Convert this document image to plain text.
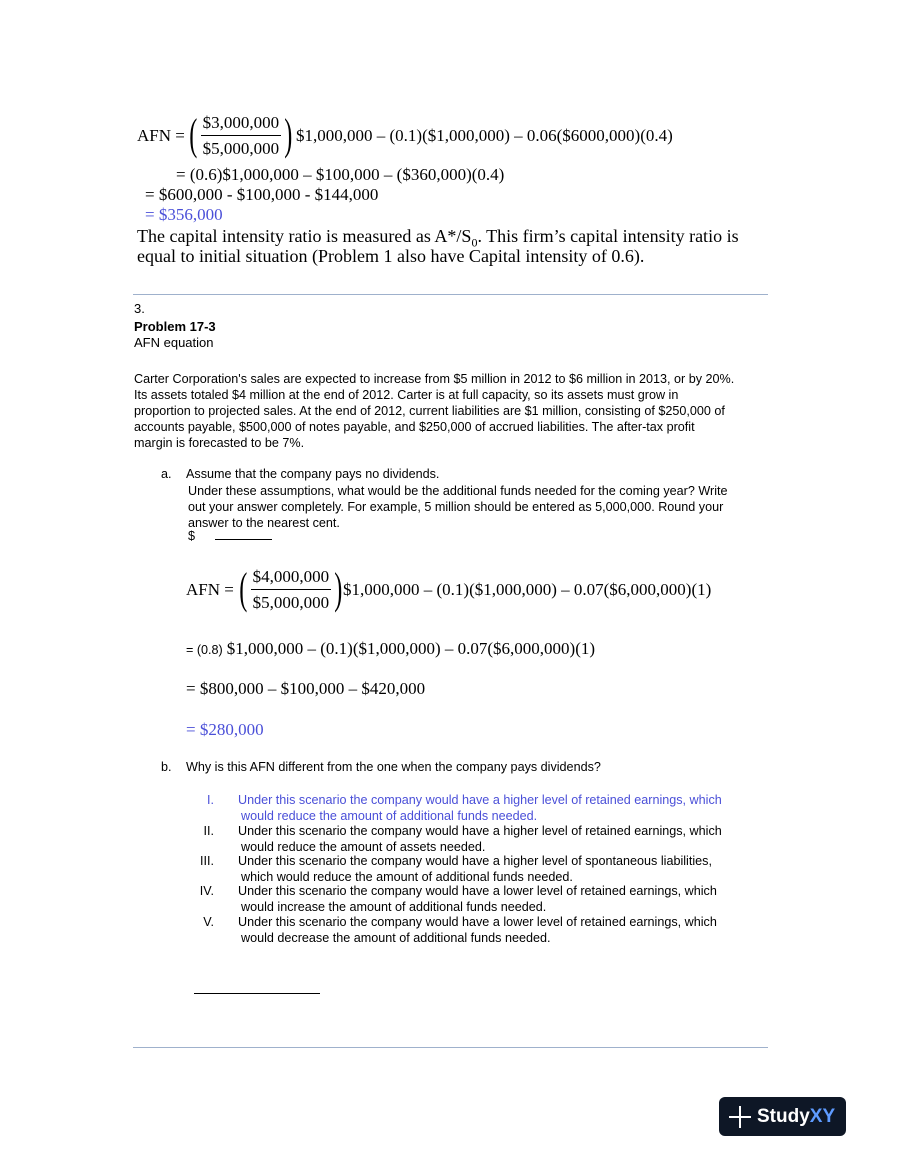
AFN = ( $\frac{\$3,000,000}{\$5,000,000}$ ) $1,000,000 – (0.1)($1,000,000) – 0.06($6000,000)(0.4)
= (0.6)$1,000,000 – $100,000 – ($360,000)(0.4)
= $600,000 - $100,000 - $144,000
= $356,000
The capital intensity ratio is measured as $A*/S_0$. This firm’s capital intensity ratio is
equal to initial situation (Problem 1 also have Capital intensity of 0.6).
3.
Problem 17-3
AFN equation
Carter Corporation's sales are expected to increase from $5 million in 2012 to $6 million in 2013, or by 20%.
Its assets totaled $4 million at the end of 2012. Carter is at full capacity, so its assets must grow in
proportion to projected sales. At the end of 2012, current liabilities are $1 million, consisting of $250,000 of
accounts payable, $500,000 of notes payable, and $250,000 of accrued liabilities. The after-tax profit
margin is forecasted to be 7%.
a. Assume that the company pays no dividends.
Under these assumptions, what would be the additional funds needed for the coming year? Write
out your answer completely. For example, 5 million should be entered as 5,000,000. Round your
answer to the nearest cent.
$
AFN = ( $\frac{\$4,000,000}{\$5,000,000}$ ) $1,000,000 – (0.1)($1,000,000) – 0.07($6,000,000)(1)
= (0.8) $1,000,000 – (0.1)($1,000,000) – 0.07($6,000,000)(1)
= $800,000 – $100,000 – $420,000
= $280,000
b. Why is this AFN different from the one when the company pays dividends?
I. Under this scenario the company would have a higher level of retained earnings, which
would reduce the amount of additional funds needed.
II. Under this scenario the company would have a higher level of retained earnings, which
would reduce the amount of assets needed.
III. Under this scenario the company would have a higher level of spontaneous liabilities,
which would reduce the amount of additional funds needed.
IV. Under this scenario the company would have a lower level of retained earnings, which
would increase the amount of additional funds needed.
V. Under this scenario the company would have a lower level of retained earnings, which
would decrease the amount of additional funds needed.
StudyXY
